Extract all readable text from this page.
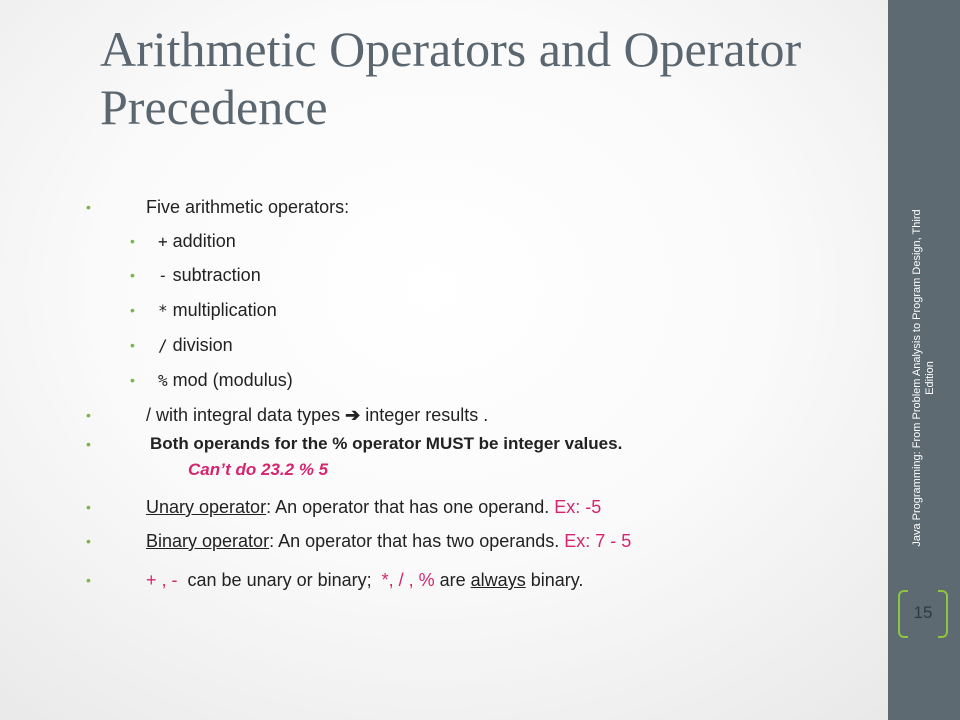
Arithmetic Operators and Operator Precedence
•	Five arithmetic operators:
• + addition
• - subtraction
• * multiplication
• / division
• % mod (modulus)
•	/ with integral data types ➔ integer results .
•	Both operands for the % operator MUST be integer values.
Can’t do 23.2 % 5
•	Unary operator: An operator that has one operand. Ex: -5
•	Binary operator: An operator that has two operands. Ex: 7 - 5
•	+ , -  can be unary or binary;  *, / , % are always binary.
Java Programming: From Problem Analysis to Program Design, Third Edition
15
